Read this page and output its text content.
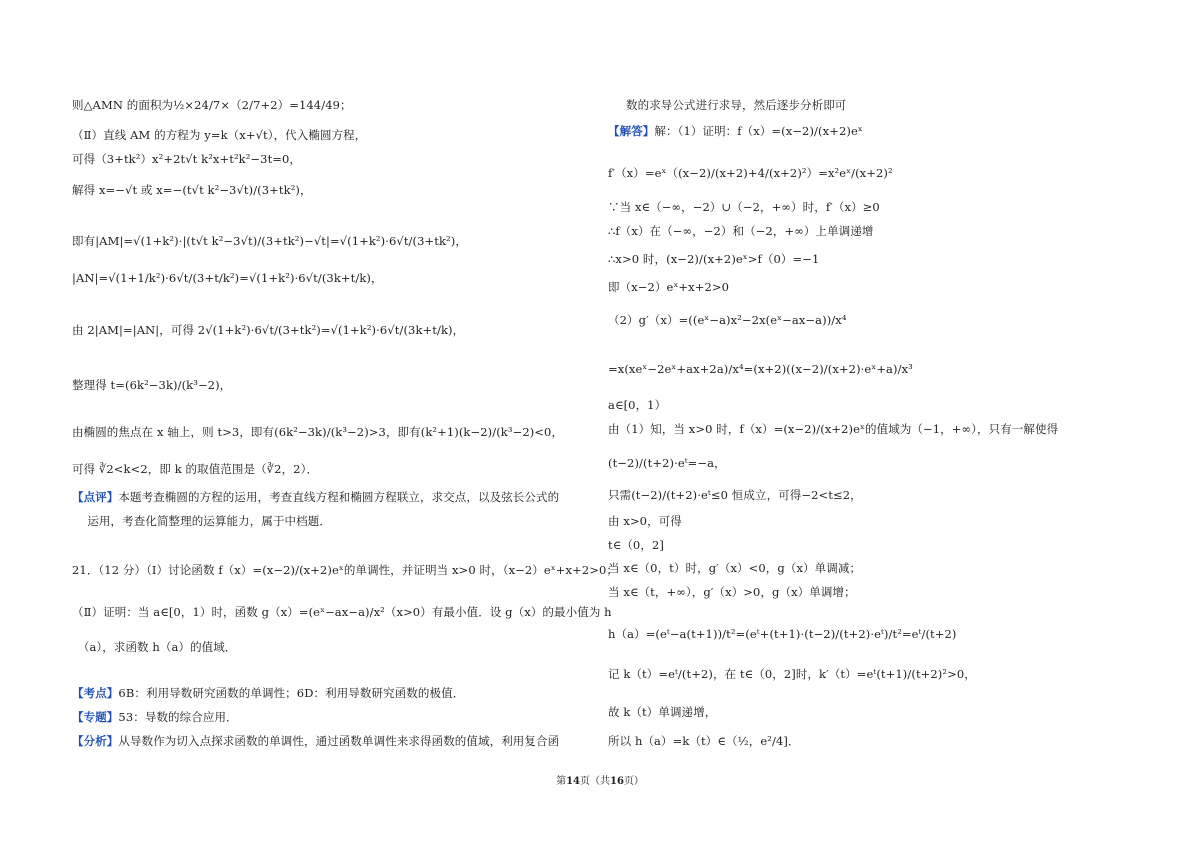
则△AMN 的面积为½×24/7×（2/7+2）=144/49；
（Ⅱ）直线 AM 的方程为 y=k（x+√t），代入椭圆方程，
可得（3+tk²）x²+2t√t k²x+t²k²−3t=0，
解得 x=−√t 或 x=−(t√t k²−3√t)/(3+tk²)，
即有|AM|=√(1+k²)·|(t√t k²−3√t)/(3+tk²)−√t|=√(1+k²)·6√t/(3+tk²)，
|AN|=√(1+1/k²)·6√t/(3+t/k²)=√(1+k²)·6√t/(3k+t/k)，
由 2|AM|=|AN|，可得 2√(1+k²)·6√t/(3+tk²)=√(1+k²)·6√t/(3k+t/k)，
整理得 t=(6k²−3k)/(k³−2)，
由椭圆的焦点在 x 轴上，则 t>3，即有(6k²−3k)/(k³−2)>3，即有(k²+1)(k−2)/(k³−2)<0，
可得 ∛2<k<2，即 k 的取值范围是（∛2，2）．
【点评】本题考查椭圆的方程的运用，考查直线方程和椭圆方程联立，求交点，以及弦长公式的
　 运用，考查化简整理的运算能力，属于中档题．
21．（12 分）（Ⅰ）讨论函数 f（x）=(x−2)/(x+2)eˣ的单调性，并证明当 x>0 时，（x−2）eˣ+x+2>0；
（Ⅱ）证明：当 a∈[0，1）时，函数 g（x）=(eˣ−ax−a)/x²（x>0）有最小值．设 g（x）的最小值为 h
　（a），求函数 h（a）的值域．
【考点】6B：利用导数研究函数的单调性；6D：利用导数研究函数的极值．
【专题】53：导数的综合应用．
【分析】从导数作为切入点探求函数的单调性，通过函数单调性来求得函数的值域，利用复合函
数的求导公式进行求导，然后逐步分析即可
【解答】解：（1）证明：f（x）=(x−2)/(x+2)eˣ
f′（x）=eˣ（(x−2)/(x+2)+4/(x+2)²）=x²eˣ/(x+2)²
∵当 x∈（−∞，−2）∪（−2，+∞）时，f′（x）≥0
∴f（x）在（−∞，−2）和（−2，+∞）上单调递增
∴x>0 时，(x−2)/(x+2)eˣ>f（0）=−1
即（x−2）eˣ+x+2>0
（2）g′（x）=((eˣ−a)x²−2x(eˣ−ax−a))/x⁴
=x(xeˣ−2eˣ+ax+2a)/x⁴=(x+2)((x−2)/(x+2)·eˣ+a)/x³
a∈[0，1）
由（1）知，当 x>0 时，f（x）=(x−2)/(x+2)eˣ的值域为（−1，+∞），只有一解使得
(t−2)/(t+2)·eᵗ=−a，
只需(t−2)/(t+2)·eᵗ≤0 恒成立，可得−2<t≤2，
由 x>0，可得
t∈（0，2]
当 x∈（0，t）时，g′（x）<0，g（x）单调减；
当 x∈（t，+∞），g′（x）>0，g（x）单调增；
h（a）=(eᵗ−a(t+1))/t²=(eᵗ+(t+1)·(t−2)/(t+2)·eᵗ)/t²=eᵗ/(t+2)
记 k（t）=eᵗ/(t+2)，在 t∈（0，2]时，k′（t）=eᵗ(t+1)/(t+2)²>0，
故 k（t）单调递增，
所以 h（a）=k（t）∈（½，e²/4]．
第14页（共16页）
